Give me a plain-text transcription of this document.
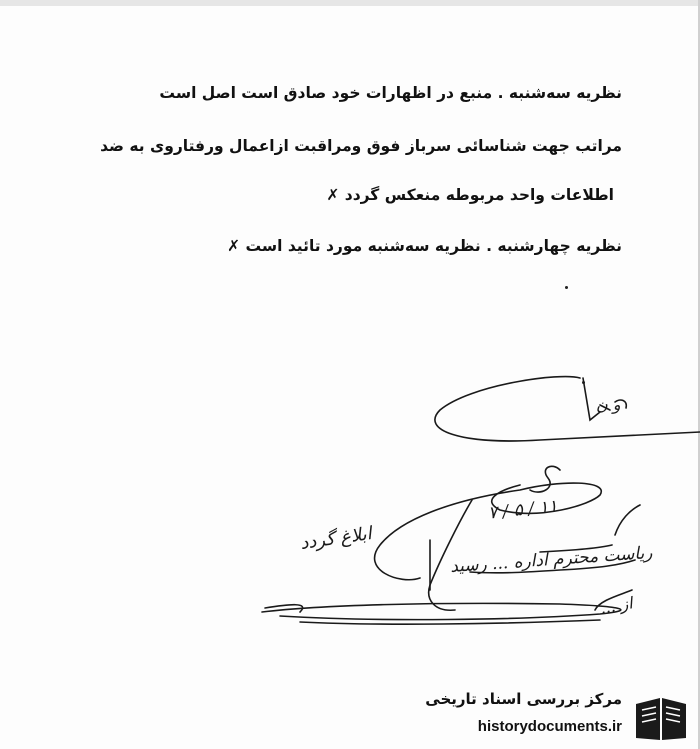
نظریه سه‌شنبه . منبع در اظهارات خود صادق است اصل است
مراتب جهت شناسائی سرباز فوق ومراقبت ازاعمال ورفتاروی به ضد
اطلاعات واحد مربوطه منعکس گردد ✗
نظریه چهارشنبه . نظریه سه‌شنبه مورد تائید است ✗
و ن
۱۱ / ۵ / ۷
ریاست محترم اداره ... رسید
ابلاغ گردد
از ...
مرکز بررسی اسناد تاریخی
historydocuments.ir
